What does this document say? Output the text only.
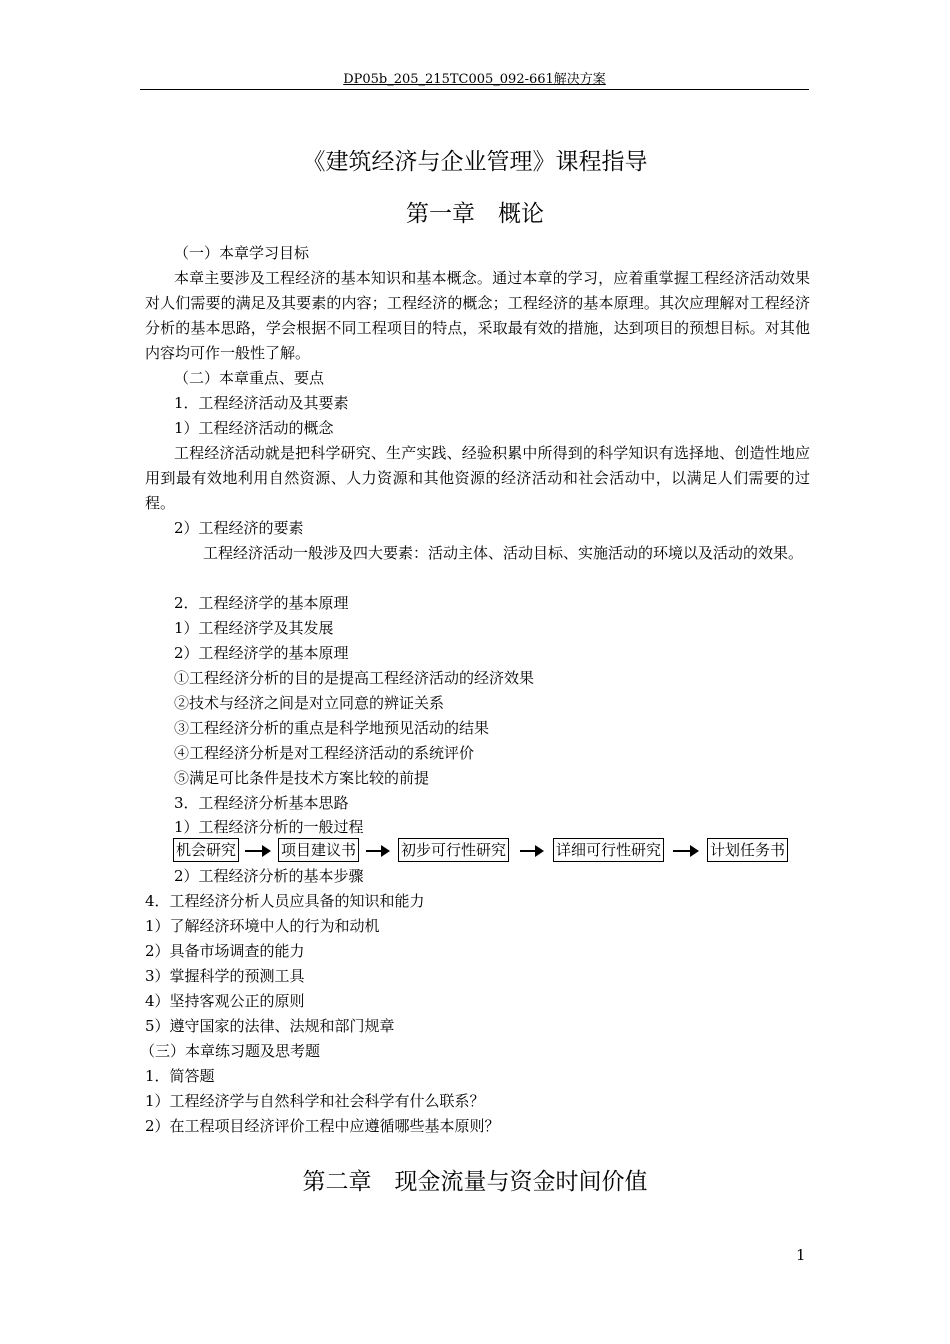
DP05b_205_215TC005_092-661解决方案
《建筑经济与企业管理》课程指导
第一章　概论
（一）本章学习目标
本章主要涉及工程经济的基本知识和基本概念。通过本章的学习，应着重掌握工程经济活动效果对人们需要的满足及其要素的内容；工程经济的概念；工程经济的基本原理。其次应理解对工程经济分析的基本思路，学会根据不同工程项目的特点，采取最有效的措施，达到项目的预想目标。对其他内容均可作一般性了解。
（二）本章重点、要点
1．工程经济活动及其要素
1）工程经济活动的概念
工程经济活动就是把科学研究、生产实践、经验积累中所得到的科学知识有选择地、创造性地应用到最有效地利用自然资源、人力资源和其他资源的经济活动和社会活动中，以满足人们需要的过程。
2）工程经济的要素
工程经济活动一般涉及四大要素：活动主体、活动目标、实施活动的环境以及活动的效果。
2．工程经济学的基本原理
1）工程经济学及其发展
2）工程经济学的基本原理
①工程经济分析的目的是提高工程经济活动的经济效果
②技术与经济之间是对立同意的辨证关系
③工程经济分析的重点是科学地预见活动的结果
④工程经济分析是对工程经济活动的系统评价
⑤满足可比条件是技术方案比较的前提
3．工程经济分析基本思路
1）工程经济分析的一般过程
机会研究	项目建议书	初步可行性研究	详细可行性研究	计划任务书
2）工程经济分析的基本步骤
4．工程经济分析人员应具备的知识和能力
1）了解经济环境中人的行为和动机
2）具备市场调查的能力
3）掌握科学的预测工具
4）坚持客观公正的原则
5）遵守国家的法律、法规和部门规章
（三）本章练习题及思考题
1．简答题
1）工程经济学与自然科学和社会科学有什么联系？
2）在工程项目经济评价工程中应遵循哪些基本原则？
第二章　现金流量与资金时间价值
1
